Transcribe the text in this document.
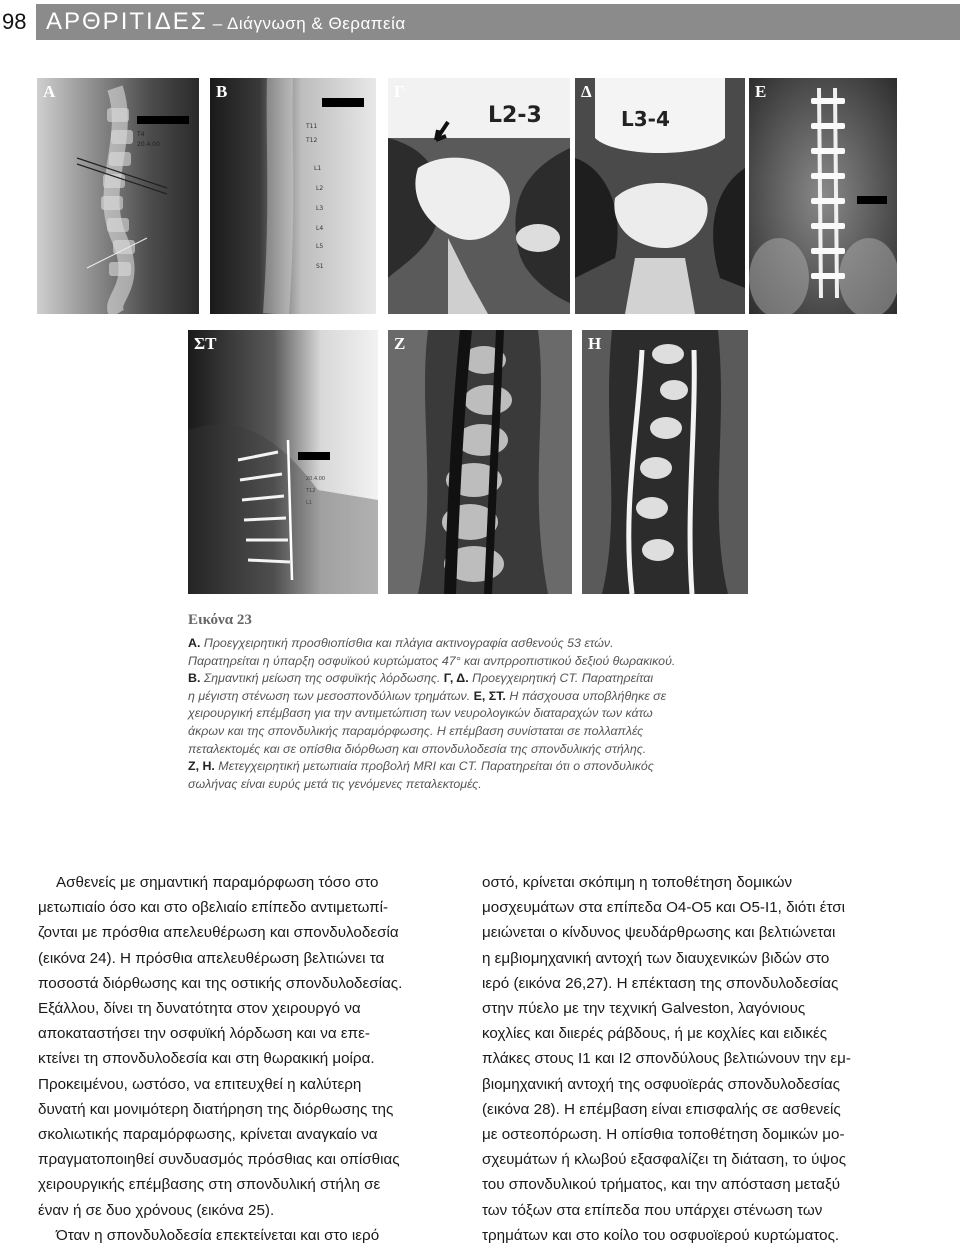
98 ΑΡΘΡΙΤΙΔΕΣ – Διάγνωση & Θεραπεία
T4
20.4.00
Α
T11
T12
L1
L2
L3
L4
L5
S1
Β
L2-3
Γ
L3-4
Δ	Ε
20.4.00
T12
L1
ΣΤ	Ζ	Η
Εικόνα 23
Α. Προεγχειρητική προσθιοπίσθια και πλάγια ακτινογραφία ασθενούς 53 ετών.
Παρατηρείται η ύπαρξη οσφυϊκού κυρτώματος 47° και ανπρροπιστικού δεξιού θωρακικού.
Β. Σημαντική μείωση της οσφυϊκής λόρδωσης. Γ, Δ. Προεγχειρητική CT. Παρατηρείται
η μέγιστη στένωση των μεσοσπονδύλιων τρημάτων. Ε, ΣΤ. Η πάσχουσα υποβλήθηκε σε
χειρουργική επέμβαση για την αντιμετώπιση των νευρολογικών διαταραχών των κάτω
άκρων και της σπονδυλικής παραμόρφωσης. Η επέμβαση συνίσταται σε πολλαπλές
πεταλεκτομές και σε οπίσθια διόρθωση και σπονδυλοδεσία της σπονδυλικής στήλης.
Ζ, Η. Μετεγχειρητική μετωπιαία προβολή MRI και CT. Παρατηρείται ότι ο σπονδυλικός
σωλήνας είναι ευρύς μετά τις γενόμενες πεταλεκτομές.
Ασθενείς με σημαντική παραμόρφωση τόσο στο
μετωπιαίο όσο και στο οβελιαίο επίπεδο αντιμετωπί-
ζονται με πρόσθια απελευθέρωση και σπονδυλοδεσία
(εικόνα 24). Η πρόσθια απελευθέρωση βελτιώνει τα
ποσοστά διόρθωσης και της οστικής σπονδυλοδεσίας.
Εξάλλου, δίνει τη δυνατότητα στον χειρουργό να
αποκαταστήσει την οσφυϊκή λόρδωση και να επε-
κτείνει τη σπονδυλοδεσία και στη θωρακική μοίρα.
Προκειμένου, ωστόσο, να επιτευχθεί η καλύτερη
δυνατή και μονιμότερη διατήρηση της διόρθωσης της
σκολιωτικής παραμόρφωσης, κρίνεται αναγκαίο να
πραγματοποιηθεί συνδυασμός πρόσθιας και οπίσθιας
χειρουργικής επέμβασης στη σπονδυλική στήλη σε
έναν ή σε δυο χρόνους (εικόνα 25).
Όταν η σπονδυλοδεσία επεκτείνεται και στο ιερό
οστό, κρίνεται σκόπιμη η τοποθέτηση δομικών
μοσχευμάτων στα επίπεδα Ο4-Ο5 και Ο5-Ι1, διότι έτσι
μειώνεται ο κίνδυνος ψευδάρθρωσης και βελτιώνεται
η εμβιομηχανική αντοχή των διαυχενικών βιδών στο
ιερό (εικόνα 26,27). Η επέκταση της σπονδυλοδεσίας
στην πύελο με την τεχνική Galveston, λαγόνιους
κοχλίες και διιερές ράβδους, ή με κοχλίες και ειδικές
πλάκες στους Ι1 και Ι2 σπονδύλους βελτιώνουν την εμ-
βιομηχανική αντοχή της οσφυοϊεράς σπονδυλοδεσίας
(εικόνα 28). Η επέμβαση είναι επισφαλής σε ασθενείς
με οστεοπόρωση. Η οπίσθια τοποθέτηση δομικών μο-
σχευμάτων ή κλωβού εξασφαλίζει τη διάταση, το ύψος
του σπονδυλικού τρήματος, και την απόσταση μεταξύ
των τόξων στα επίπεδα που υπάρχει στένωση των
τρημάτων και στο κοίλο του οσφυοϊερού κυρτώματος.
